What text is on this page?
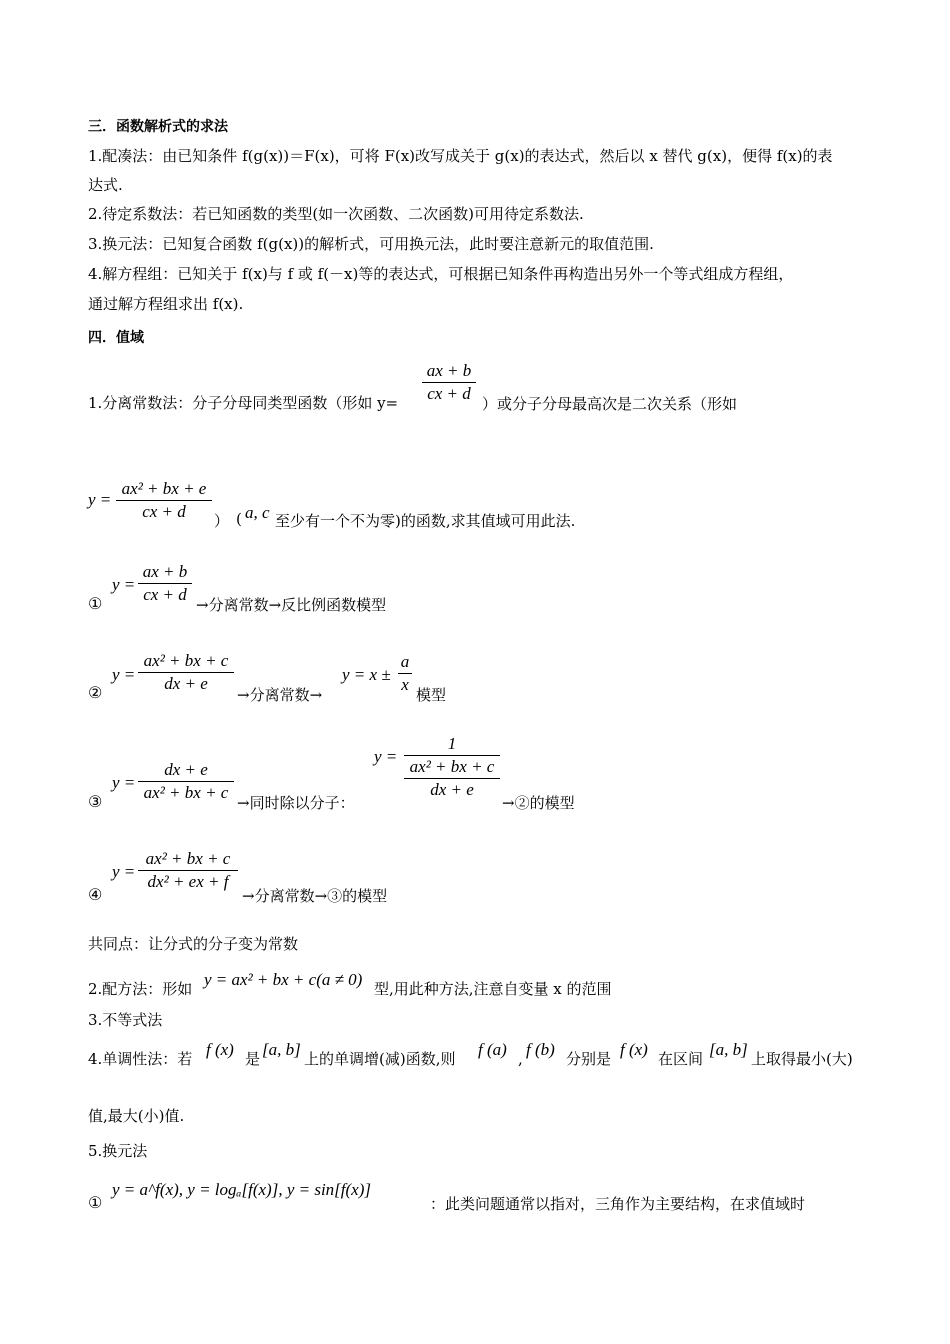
三．函数解析式的求法
1.配凑法：由已知条件 f(g(x))＝F(x)，可将 F(x)改写成关于 g(x)的表达式，然后以 x 替代 g(x)，便得 f(x)的表
达式.
2.待定系数法：若已知函数的类型(如一次函数、二次函数)可用待定系数法.
3.换元法：已知复合函数 f(g(x))的解析式，可用换元法，此时要注意新元的取值范围.
4.解方程组：已知关于 f(x)与 f 或 f(－x)等的表达式，可根据已知条件再构造出另外一个等式组成方程组，
通过解方程组求出 f(x).
四．值域
1.分离常数法：分子分母同类型函数（形如 y=
ax + b
cx + d
）或分子分母最高次是二次关系（形如
y =
ax² + bx + e
cx + d	） ( a, c 至少有一个不为零)的函数,求其值域可用此法.
①
y =
ax + b
cx + d
→分离常数→反比例函数模型
②
y =
ax² + bx + c
dx + e
→分离常数→
y = x ±
a
x
模型
③
y =
dx + e
ax² + bx + c
→同时除以分子：
y =
1
ax² + bx + c
dx + e
→②的模型
④
y =
ax² + bx + c
dx² + ex + f
→分离常数→③的模型
共同点：让分式的分子变为常数
2.配方法：形如 y = ax² + bx + c(a ≠ 0) 型,用此种方法,注意自变量 x 的范围
3.不等式法
4.单调性法：若 f (x) 是 [a, b] 上的单调增(减)函数,则 f (a) , f (b) 分别是 f (x) 在区间 [a, b] 上取得最小(大)
值,最大(小)值.
5.换元法
①
y = a^f(x), y = logₐ[f(x)], y = sin[f(x)]
：此类问题通常以指对，三角作为主要结构，在求值域时
